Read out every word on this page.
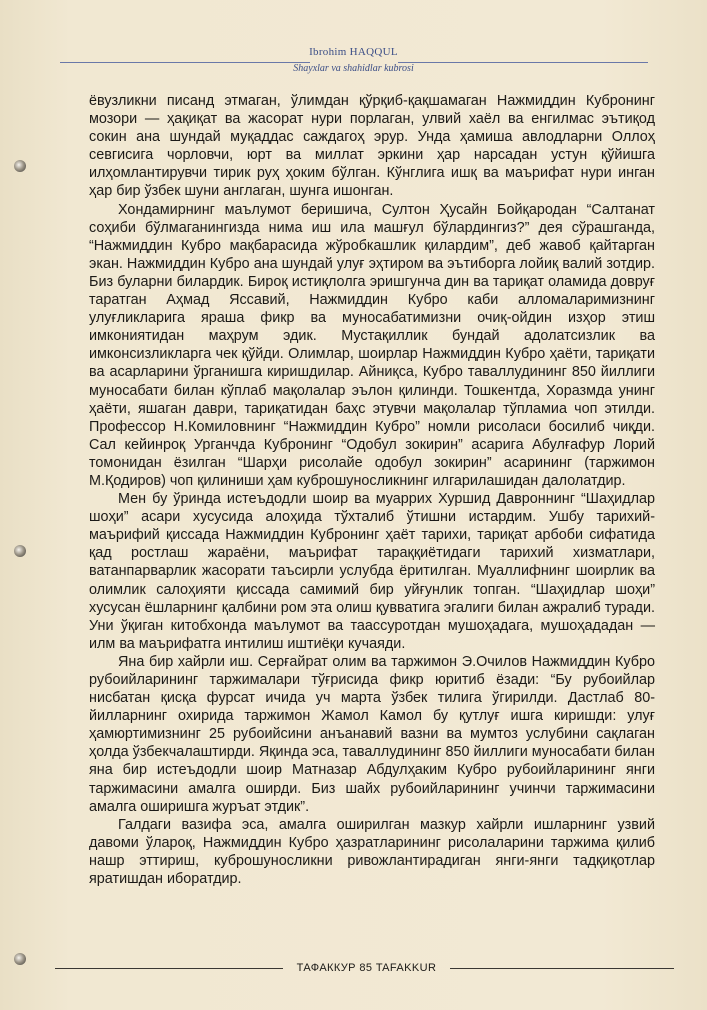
Ibrohim HAQQUL
Shayxlar va shahidlar kubrosi

ёвузликни писанд этмаган, ўлимдан қўрқиб-қақшамаган Нажмиддин Кубронинг мозори — ҳақиқат ва жасорат нури порлаган, улвий хаёл ва енгилмас эътиқод сокин ана шундай муқаддас саждагоҳ эрур. Унда ҳамиша авлодларни Оллоҳ севгисига чорловчи, юрт ва миллат эркини ҳар нарсадан устун қўйишга илҳомлантирувчи тирик руҳ ҳоким бўлган. Кўнглига ишқ ва маърифат нури инган ҳар бир ўзбек шуни англаган, шунга ишонган.

Хондамирнинг маълумот беришича, Султон Ҳусайн Бойқародан “Салтанат соҳиби бўлмаганингизда нима иш ила машғул бўлардингиз?” дея сўрашганда, “Нажмиддин Кубро мақбарасида жўробкашлик қилардим”, деб жавоб қайтарган экан. Нажмиддин Кубро ана шундай улуғ эҳтиром ва эътиборга лойиқ валий зотдир. Биз буларни билардик. Бироқ истиқлолга эришгунча дин ва тариқат оламида довруғ таратган Аҳмад Яссавий, Нажмиддин Кубро каби алломаларимизнинг улуғликларига яраша фикр ва муносабатимизни очиқ-ойдин изҳор этиш имкониятидан маҳрум эдик. Мустақиллик бундай адолатсизлик ва имконсизликларга чек қўйди. Олимлар, шоирлар Нажмиддин Кубро ҳаёти, тариқати ва асарларини ўрганишга киришдилар. Айниқса, Кубро таваллудининг 850 йиллиги муносабати билан кўплаб мақолалар эълон қилинди. Тошкентда, Хоразмда унинг ҳаёти, яшаган даври, тариқатидан баҳс этувчи мақолалар тўпламиа чоп этилди. Профессор Н.Комиловнинг “Нажмиддин Кубро” номли рисоласи босилиб чиқди. Сал кейинроқ Урганчда Кубронинг “Одобул зокирин” асарига Абулғафур Лорий томонидан ёзилган “Шарҳи рисолайе одобул зокирин” асарининг (таржимон М.Қодиров) чоп қилиниши ҳам куброшуносликнинг илгарилашидан далолатдир.

Мен бу ўринда истеъдодли шоир ва муаррих Хуршид Давроннинг “Шаҳидлар шоҳи” асари хусусида алоҳида тўхталиб ўтишни истардим. Ушбу тарихий-маърифий қиссада Нажмиддин Кубронинг ҳаёт тарихи, тариқат арбоби сифатида қад ростлаш жараёни, маърифат тараққиётидаги тарихий хизматлари, ватанпарварлик жасорати таъсирли услубда ёритилган. Муаллифнинг шоирлик ва олимлик салоҳияти қиссада самимий бир уйғунлик топган. “Шаҳидлар шоҳи” хусусан ёшларнинг қалбини ром эта олиш қувватига эгалиги билан ажралиб туради. Уни ўқиган китобхонда маълумот ва таассуротдан мушоҳадага, мушоҳададан — илм ва маърифатга интилиш иштиёқи кучаяди.

Яна бир хайрли иш. Серғайрат олим ва таржимон Э.Очилов Нажмиддин Кубро рубоийларининг таржималари тўғрисида фикр юритиб ёзади: “Бу рубоийлар нисбатан қисқа фурсат ичида уч марта ўзбек тилига ўгирилди. Дастлаб 80-йилларнинг охирида таржимон Жамол Камол бу қутлуғ ишга киришди: улуғ ҳамюртимизнинг 25 рубоийсини анъанавий вазни ва мумтоз услубини сақлаган ҳолда ўзбекчалаштирди. Яқинда эса, таваллудининг 850 йиллиги муносабати билан яна бир истеъдодли шоир Матназар Абдулҳаким Кубро рубоийларининг янги таржимасини амалга оширди. Биз шайх рубоийларининг учинчи таржимасини амалга оширишга журъат этдик”.

Галдаги вазифа эса, амалга оширилган мазкур хайрли ишларнинг узвий давоми ўлароқ, Нажмиддин Кубро ҳазратларининг рисолаларини таржима қилиб нашр эттириш, куброшуносликни ривожлантирадиган янги-янги тадқиқотлар яратишдан иборатдир.

ТАФАККУР 85 TAFAKKUR
